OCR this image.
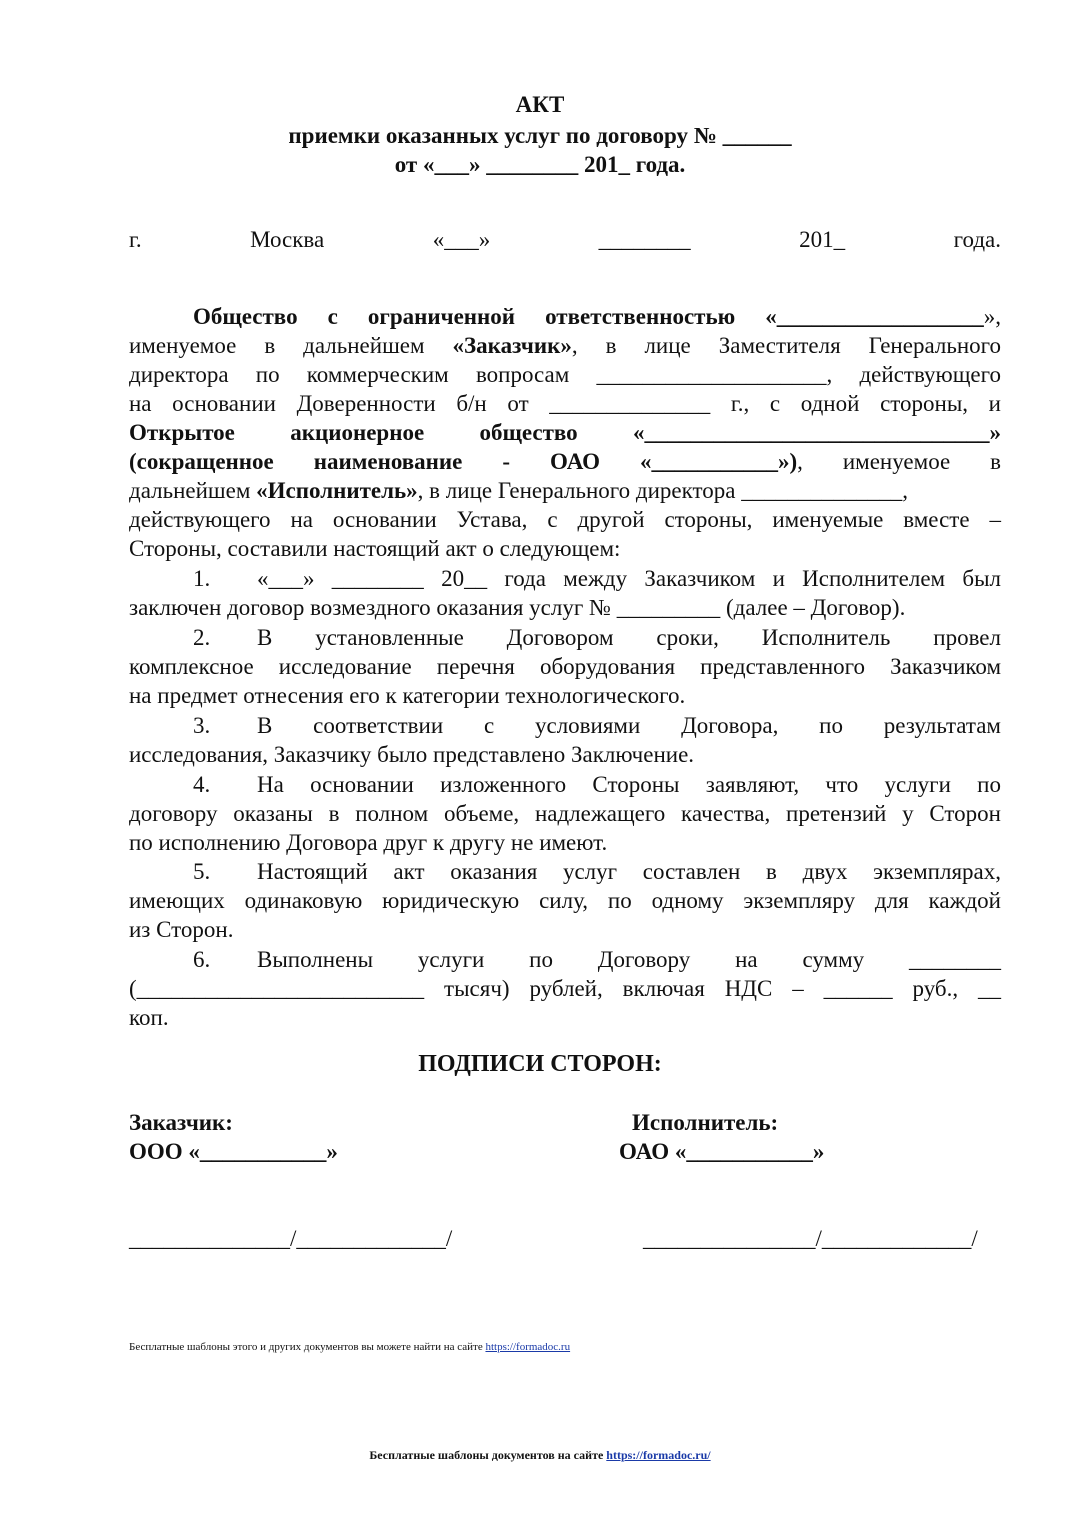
АКТ
приемки оказанных услуг по договору № ______
от «___» ________ 201_ года.
г. Москва	«___» ________ 201_ года.
Общество с ограниченной ответственностью «__________________»,
именуемое в дальнейшем «Заказчик», в лице Заместителя Генерального
директора по коммерческим вопросам ____________________, действующего
на основании Доверенности б/н от ______________ г., с одной стороны, и
Открытое акционерное общество «______________________________»
(сокращенное наименование - ОАО «___________»), именуемое в
дальнейшем «Исполнитель», в лице Генерального директора ______________,
действующего на основании Устава, с другой стороны, именуемые вместе –
Стороны, составили настоящий акт о следующем:
1.	«___» ________ 20__ года между Заказчиком и Исполнителем был
заключен договор возмездного оказания услуг № _________ (далее – Договор).
2.	В установленные Договором сроки, Исполнитель провел
комплексное исследование перечня оборудования представленного Заказчиком
на предмет отнесения его к категории технологического.
3.	В соответствии с условиями Договора, по результатам
исследования, Заказчику было представлено Заключение.
4.	На основании изложенного Стороны заявляют, что услуги по
договору оказаны в полном объеме, надлежащего качества, претензий у Сторон
по исполнению Договора друг к другу не имеют.
5.	Настоящий акт оказания услуг составлен в двух экземплярах,
имеющих одинаковую юридическую силу, по одному экземпляру для каждой
из Сторон.
6.	Выполнены услуги по Договору на сумму ________
(_________________________ тысяч) рублей, включая НДС – ______ руб., __
коп.
ПОДПИСИ СТОРОН:
Заказчик:
ООО «___________»
Исполнитель:
ОАО «___________»
______________/_____________/	_______________/_____________/
Бесплатные шаблоны этого и других документов вы можете найти на сайте https://formadoc.ru
Бесплатные шаблоны документов на сайте https://formadoc.ru/
